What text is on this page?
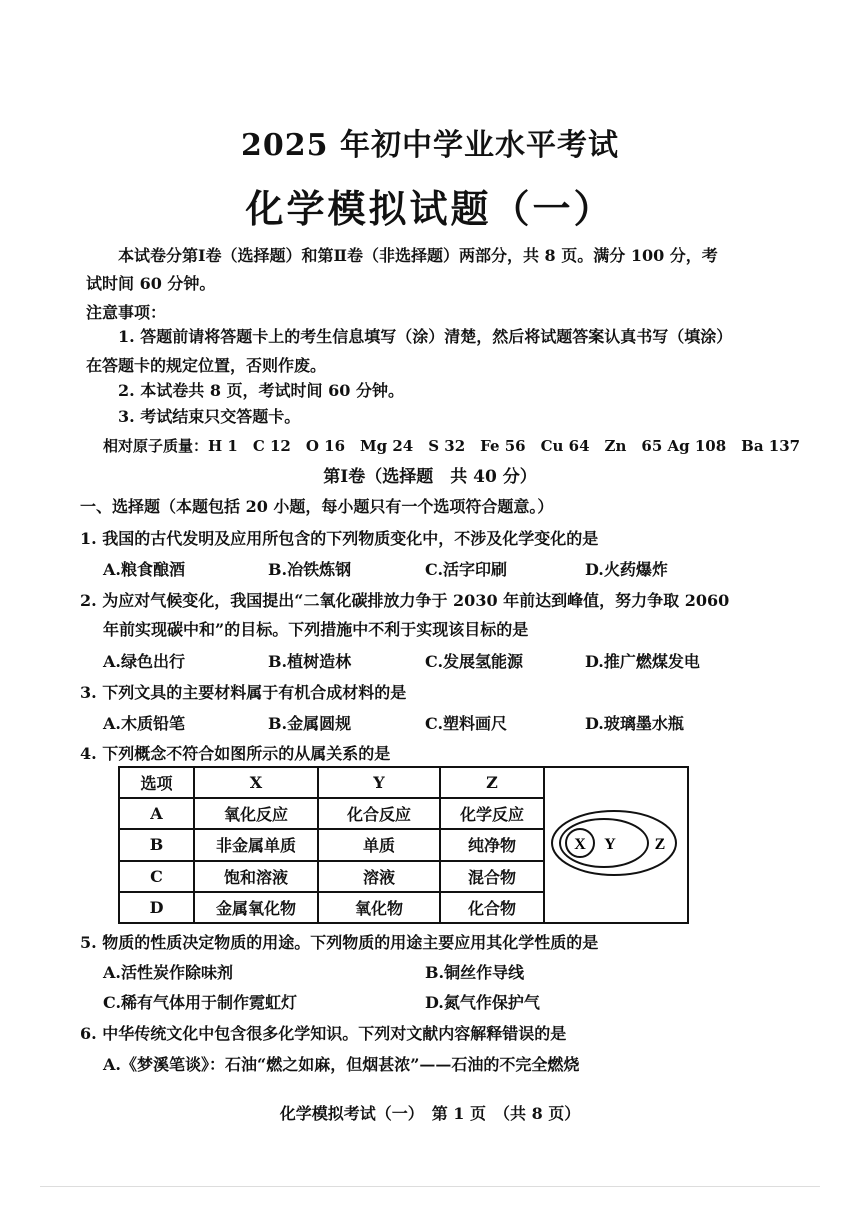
2025 年初中学业水平考试
化学模拟试题（一）
本试卷分第Ⅰ卷（选择题）和第Ⅱ卷（非选择题）两部分，共 8 页。满分 100 分，考
试时间 60 分钟。
注意事项：
1. 答题前请将答题卡上的考生信息填写（涂）清楚，然后将试题答案认真书写（填涂）
在答题卡的规定位置，否则作废。
2. 本试卷共 8 页，考试时间 60 分钟。
3. 考试结束只交答题卡。
相对原子质量：H 1　C 12　O 16　Mg 24　S 32　Fe 56　Cu 64　Zn　65 Ag 108　Ba 137
第Ⅰ卷（选择题　共 40 分）
一、选择题（本题包括 20 小题，每小题只有一个选项符合题意。）
1. 我国的古代发明及应用所包含的下列物质变化中，不涉及化学变化的是
A.粮食酿酒	B.冶铁炼钢	C.活字印刷	D.火药爆炸
2. 为应对气候变化，我国提出“二氧化碳排放力争于 2030 年前达到峰值，努力争取 2060
年前实现碳中和”的目标。下列措施中不利于实现该目标的是
A.绿色出行	B.植树造林	C.发展氢能源	D.推广燃煤发电
3. 下列文具的主要材料属于有机合成材料的是
A.木质铅笔	B.金属圆规	C.塑料画尺	D.玻璃墨水瓶
4. 下列概念不符合如图所示的从属关系的是
选项	X	Y	Z	X Y Z

A	氧化反应	化合反应	化学反应	
B	非金属单质	单质	纯净物	
C	饱和溶液	溶液	混合物	
D	金属氧化物	氧化物	化合物	
5. 物质的性质决定物质的用途。下列物质的用途主要应用其化学性质的是
A.活性炭作除味剂	B.铜丝作导线
C.稀有气体用于制作霓虹灯	D.氮气作保护气
6. 中华传统文化中包含很多化学知识。下列对文献内容解释错误的是
A.《梦溪笔谈》：石油“燃之如麻，但烟甚浓”——石油的不完全燃烧
化学模拟考试（一）　第 1 页　（共 8 页）
